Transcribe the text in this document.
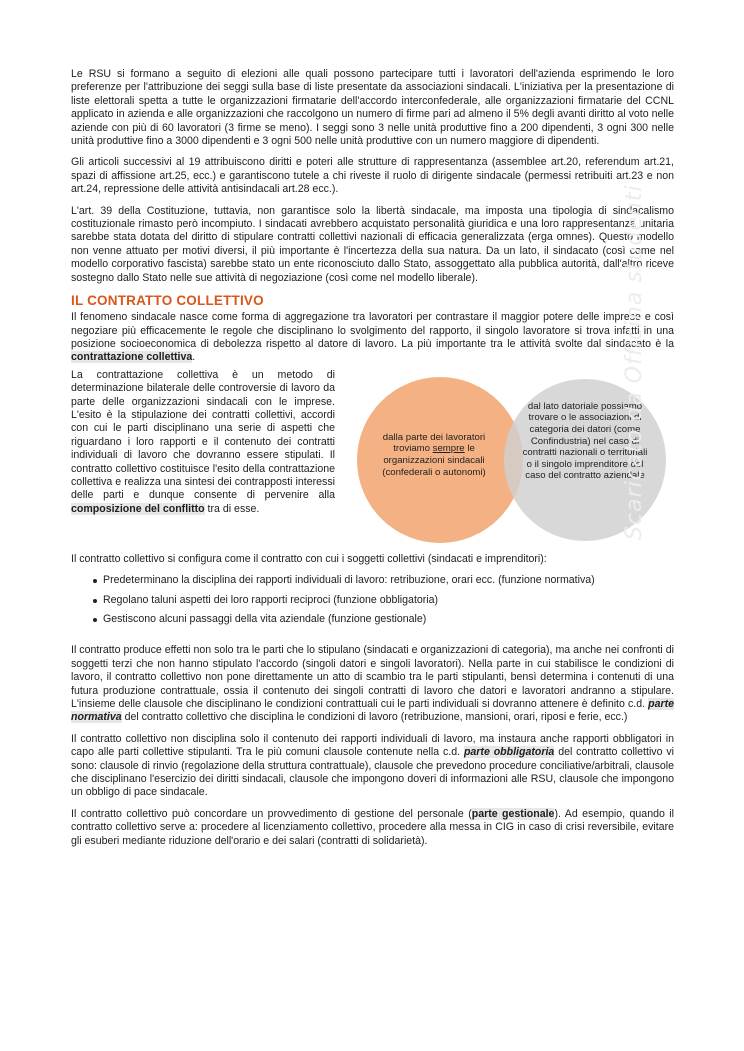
Le RSU si formano a seguito di elezioni alle quali possono partecipare tutti i lavoratori dell'azienda esprimendo le loro preferenze per l'attribuzione dei seggi sulla base di liste presentate da associazioni sindacali. L'iniziativa per la presentazione di liste elettorali spetta a tutte le organizzazioni firmatarie dell'accordo interconfederale, alle organizzazioni firmatarie del CCNL applicato in azienda e alle organizzazioni che raccolgono un numero di firme pari ad almeno il 5% degli avanti diritto al voto nelle aziende con più di 60 lavoratori (3 firme se meno). I seggi sono 3 nelle unità produttive fino a 200 dipendenti, 3 ogni 300 nelle unità produttive fino a 3000 dipendenti e 3 ogni 500 nelle unità produttive con un numero maggiore di dipendenti.

Gli articoli successivi al 19 attribuiscono diritti e poteri alle strutture di rappresentanza (assemblee art.20, referendum art.21, spazi di affissione art.25, ecc.) e garantiscono tutele a chi riveste il ruolo di dirigente sindacale (permessi retribuiti art.23 e non art.24, repressione delle attività antisindacali art.28 ecc.).

L'art. 39 della Costituzione, tuttavia, non garantisce solo la libertà sindacale, ma imposta una tipologia di sindacalismo costituzionale rimasto però incompiuto. I sindacati avrebbero acquistato personalità giuridica e una loro rappresentanza unitaria sarebbe stata dotata del diritto di stipulare contratti collettivi nazionali di efficacia generalizzata (erga omnes). Questo modello non venne attuato per motivi diversi, il più importante è l'incertezza della sua natura. Da un lato, il sindacato (così come nel modello corporativo fascista) sarebbe stato un ente riconosciuto dallo Stato, assoggettato alla pubblica autorità, dall'altro riceve sostegno dallo Stato nelle sue attività di negoziazione (così come nel modello liberale).

IL CONTRATTO COLLETTIVO

Il fenomeno sindacale nasce come forma di aggregazione tra lavoratori per contrastare il maggior potere delle imprese e così negoziare più efficacemente le regole che disciplinano lo svolgimento del rapporto, il singolo lavoratore si trova infatti in una posizione socioeconomica di debolezza rispetto al datore di lavoro. La più importante tra le attività svolte dal sindacato è la contrattazione collettiva.

La contrattazione collettiva è un metodo di determinazione bilaterale delle controversie di lavoro da parte delle organizzazioni sindacali con le imprese. L'esito è la stipulazione dei contratti collettivi, accordi con cui le parti disciplinano una serie di aspetti che riguardano i loro rapporti e il contenuto dei contratti individuali di lavoro che dovranno essere stipulati. Il contratto collettivo costituisce l'esito della contrattazione collettiva e realizza una sintesi dei contrapposti interessi delle parti e dunque consente di pervenire alla composizione del conflitto tra di esse.

dalla parte dei lavoratori troviamo sempre le organizzazioni sindacali (confederali o autonomi)
dal lato datoriale possiamo trovare o le associazioni di categoria dei datori (come Confindustria) nel caso di contratti nazionali o territoriali o il singolo imprenditore del caso del contratto aziendale

Il contratto collettivo si configura come il contratto con cui i soggetti collettivi (sindacati e imprenditori):

Predeterminano la disciplina dei rapporti individuali di lavoro: retribuzione, orari ecc. (funzione normativa)
Regolano taluni aspetti dei loro rapporti reciproci (funzione obbligatoria)
Gestiscono alcuni passaggi della vita aziendale (funzione gestionale)

Il contratto produce effetti non solo tra le parti che lo stipulano (sindacati e organizzazioni di categoria), ma anche nei confronti di soggetti terzi che non hanno stipulato l'accordo (singoli datori e singoli lavoratori). Nella parte in cui stabilisce le condizioni di lavoro, il contratto collettivo non pone direttamente un atto di scambio tra le parti stipulanti, bensì determina i contenuti di una futura produzione contrattuale, ossia il contenuto dei singoli contratti di lavoro che datori e lavoratori andranno a stipulare. L'insieme delle clausole che disciplinano le condizioni contrattuali cui le parti individuali si dovranno attenere è definito c.d. parte normativa del contratto collettivo che disciplina le condizioni di lavoro (retribuzione, mansioni, orari, riposi e ferie, ecc.)

Il contratto collettivo non disciplina solo il contenuto dei rapporti individuali di lavoro, ma instaura anche rapporti obbligatori in capo alle parti collettive stipulanti. Tra le più comuni clausole contenute nella c.d. parte obbligatoria del contratto collettivo vi sono: clausole di rinvio (regolazione della struttura contrattuale), clausole che prevedono procedure conciliative/arbitrali, clausole che disciplinano l'esercizio dei diritti sindacali, clausole che impongono doveri di informazioni alle RSU, clausole che impongono un obbligo di pace sindacale.

Il contratto collettivo può concordare un provvedimento di gestione del personale (parte gestionale). Ad esempio, quando il contratto collettivo serve a: procedere al licenziamento collettivo, procedere alla messa in CIG in caso di crisi reversibile, evitare gli esuberi mediante riduzione dell'orario e dei salari (contratti di solidarietà).

Scaricato da Officina studenti
